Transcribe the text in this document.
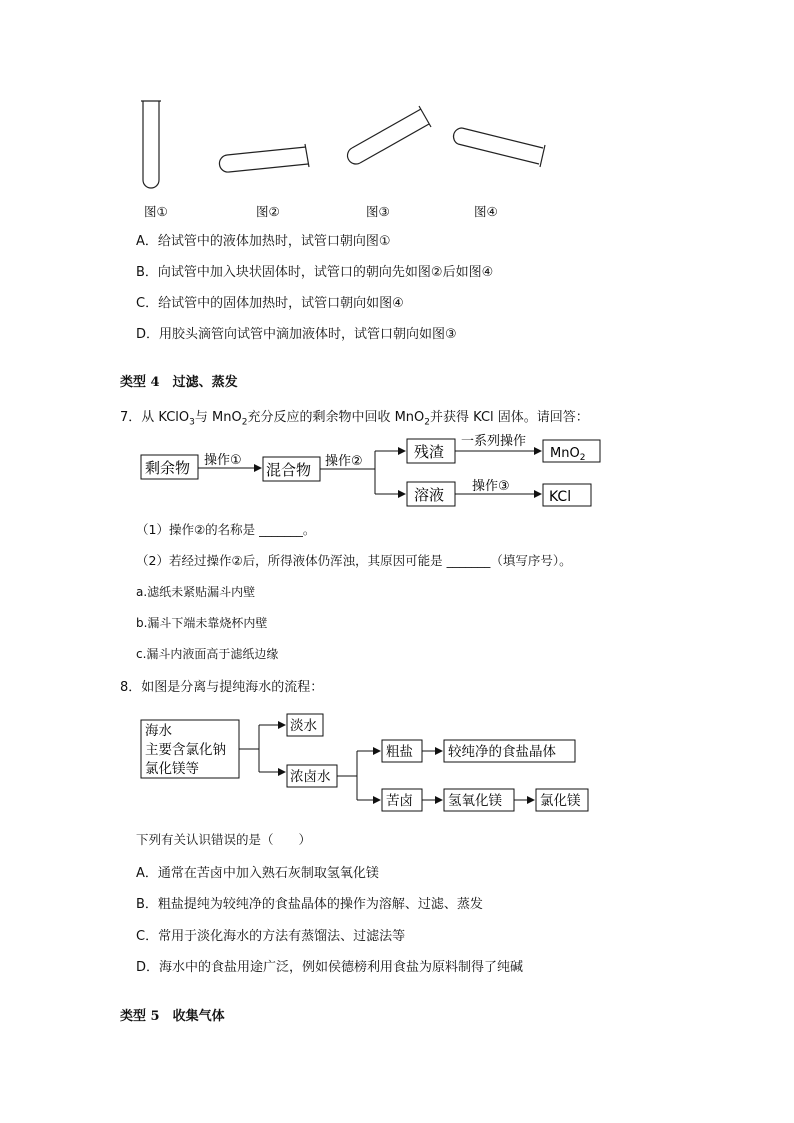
图①	图②	图③	图④
A．给试管中的液体加热时，试管口朝向图①
B．向试管中加入块状固体时，试管口的朝向先如图②后如图④
C．给试管中的固体加热时，试管口朝向如图④
D．用胶头滴管向试管中滴加液体时，试管口朝向如图③
类型 4　过滤、蒸发
7．从 KClO$_3$与 MnO$_2$充分反应的剩余物中回收 MnO$_2$并获得 KCl 固体。请回答：
剩余物 操作①
混合物 操作②
残渣
一系列操作
MnO$_2$
溶液 操作③
KCl
（1）操作②的名称是 _______。
（2）若经过操作②后，所得液体仍浑浊，其原因可能是 _______（填写序号）。
a.滤纸未紧贴漏斗内壁
b.漏斗下端未靠烧杯内壁
c.漏斗内液面高于滤纸边缘
8．如图是分离与提纯海水的流程：
海水
主要含氯化钠
氯化镁等
淡水
浓卤水
粗盐	较纯净的食盐晶体
苦卤	氢氧化镁	氯化镁
下列有关认识错误的是（　　）
A．通常在苦卤中加入熟石灰制取氢氧化镁
B．粗盐提纯为较纯净的食盐晶体的操作为溶解、过滤、蒸发
C．常用于淡化海水的方法有蒸馏法、过滤法等
D．海水中的食盐用途广泛，例如侯德榜利用食盐为原料制得了纯碱
类型 5　收集气体
